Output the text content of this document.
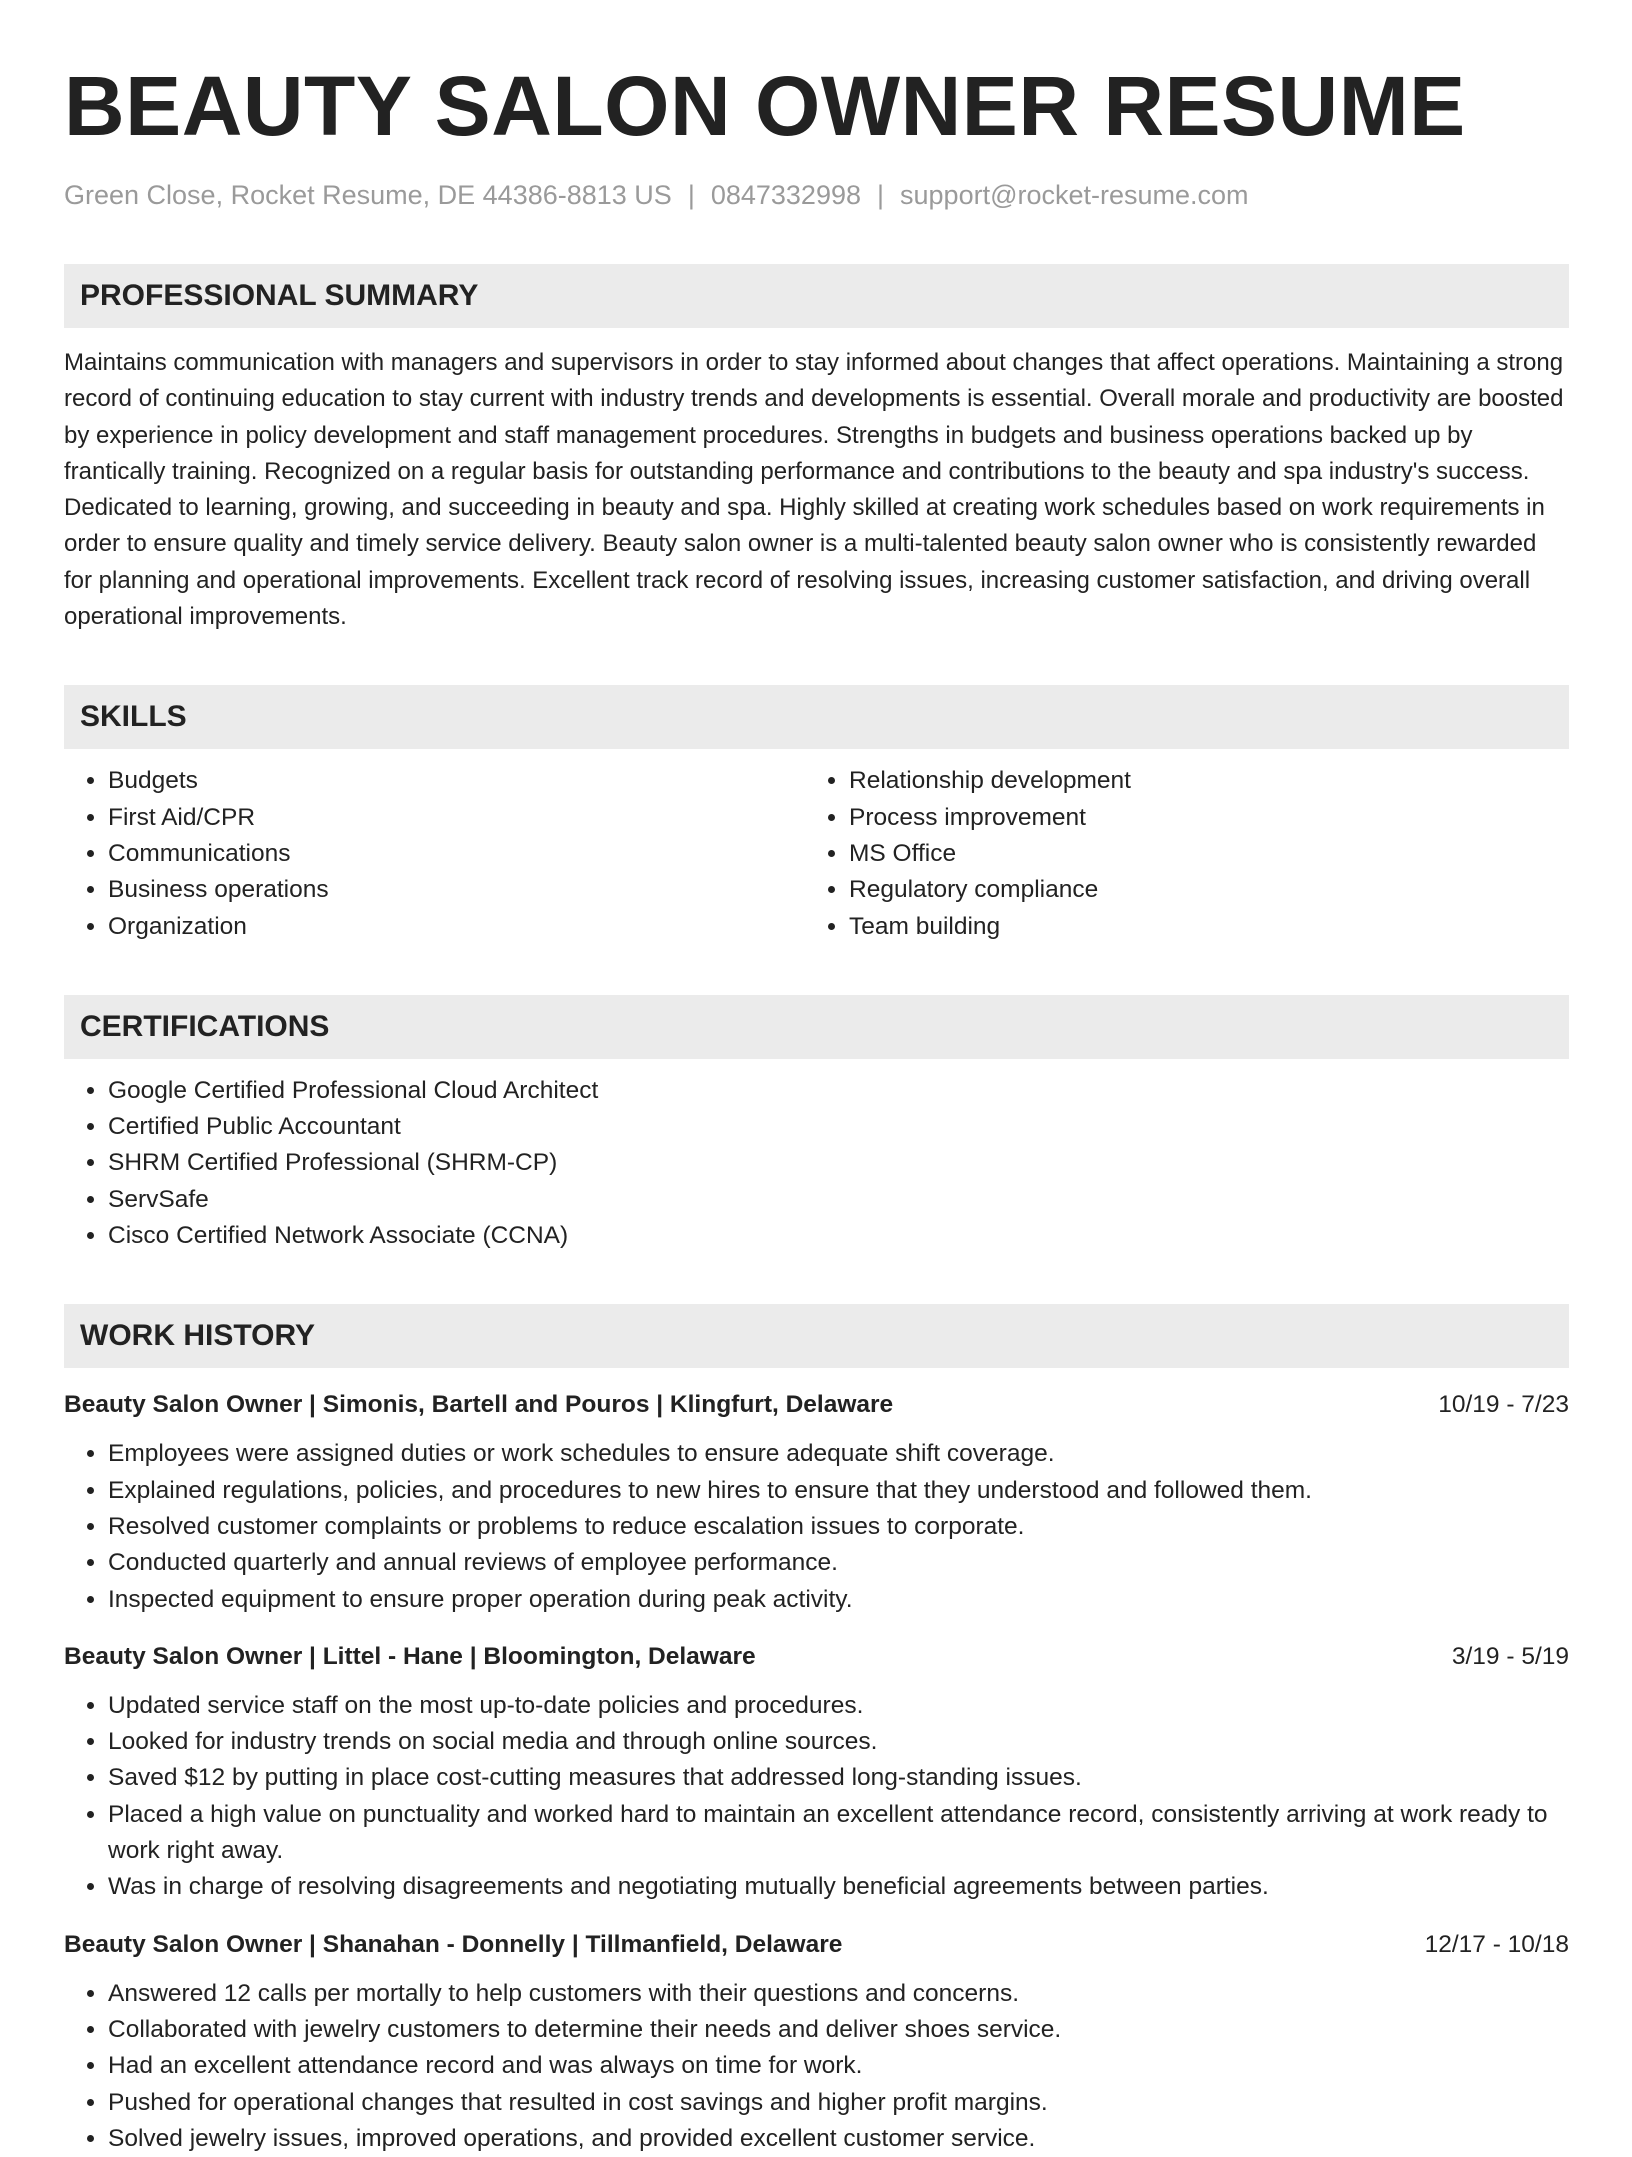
BEAUTY SALON OWNER RESUME
Green Close, Rocket Resume, DE 44386-8813 US | 0847332998 | support@rocket-resume.com
PROFESSIONAL SUMMARY

Maintains communication with managers and supervisors in order to stay informed about changes that affect operations. Maintaining a strong record of continuing education to stay current with industry trends and developments is essential. Overall morale and productivity are boosted by experience in policy development and staff management procedures. Strengths in budgets and business operations backed up by frantically training. Recognized on a regular basis for outstanding performance and contributions to the beauty and spa industry's success. Dedicated to learning, growing, and succeeding in beauty and spa. Highly skilled at creating work schedules based on work requirements in order to ensure quality and timely service delivery. Beauty salon owner is a multi-talented beauty salon owner who is consistently rewarded for planning and operational improvements. Excellent track record of resolving issues, increasing customer satisfaction, and driving overall operational improvements.

SKILLS
• Budgets
• First Aid/CPR
• Communications
• Business operations
• Organization
• Relationship development
• Process improvement
• MS Office
• Regulatory compliance
• Team building
CERTIFICATIONS
• Google Certified Professional Cloud Architect
• Certified Public Accountant
• SHRM Certified Professional (SHRM-CP)
• ServSafe
• Cisco Certified Network Associate (CCNA)
WORK HISTORY
Beauty Salon Owner | Simonis, Bartell and Pouros | Klingfurt, Delaware	10/19 - 7/23
• Employees were assigned duties or work schedules to ensure adequate shift coverage.
• Explained regulations, policies, and procedures to new hires to ensure that they understood and followed them.
• Resolved customer complaints or problems to reduce escalation issues to corporate.
• Conducted quarterly and annual reviews of employee performance.
• Inspected equipment to ensure proper operation during peak activity.
Beauty Salon Owner | Littel - Hane | Bloomington, Delaware	3/19 - 5/19
• Updated service staff on the most up-to-date policies and procedures.
• Looked for industry trends on social media and through online sources.
• Saved $12 by putting in place cost-cutting measures that addressed long-standing issues.
• Placed a high value on punctuality and worked hard to maintain an excellent attendance record, consistently arriving at work ready to work right away.
• Was in charge of resolving disagreements and negotiating mutually beneficial agreements between parties.
Beauty Salon Owner | Shanahan - Donnelly | Tillmanfield, Delaware	12/17 - 10/18
• Answered 12 calls per mortally to help customers with their questions and concerns.
• Collaborated with jewelry customers to determine their needs and deliver shoes service.
• Had an excellent attendance record and was always on time for work.
• Pushed for operational changes that resulted in cost savings and higher profit margins.
• Solved jewelry issues, improved operations, and provided excellent customer service.
